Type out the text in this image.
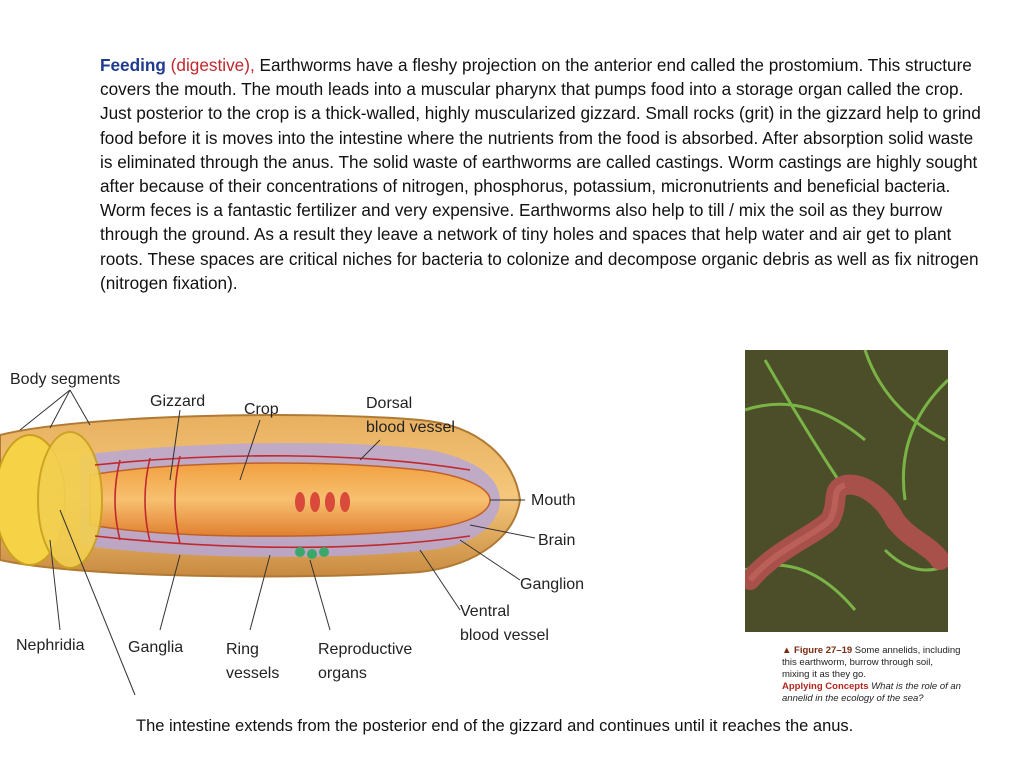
Feeding (digestive), Earthworms have a fleshy projection on the anterior end called the prostomium. This structure covers the mouth. The mouth leads into a muscular pharynx that pumps food into a storage organ called the crop. Just posterior to the crop is a thick-walled, highly muscularized gizzard. Small rocks (grit) in the gizzard help to grind food before it is moves into the intestine where the nutrients from the food is absorbed. After absorption solid waste is eliminated through the anus. The solid waste of earthworms are called castings. Worm castings are highly sought after because of their concentrations of nitrogen, phosphorus, potassium, micronutrients and beneficial bacteria. Worm feces is a fantastic fertilizer and very expensive. Earthworms also help to till / mix the soil as they burrow through the ground. As a result they leave a network of tiny holes and spaces that help water and air get to plant roots. These spaces are critical niches for bacteria to colonize and decompose organic debris as well as fix nitrogen (nitrogen fixation).
Body segments
Gizzard Crop	Dorsal
blood vessel
Mouth
Brain
Ganglion
Ventral
blood vessel
Nephridia	Ganglia	Ring
vessels
Reproductive
organs
▲ Figure 27–19 Some annelids, including this earthworm, burrow through soil, mixing it as they go.
Applying Concepts What is the role of an annelid in the ecology of the sea?
The intestine extends from the posterior end of the gizzard and continues until it reaches the anus.
